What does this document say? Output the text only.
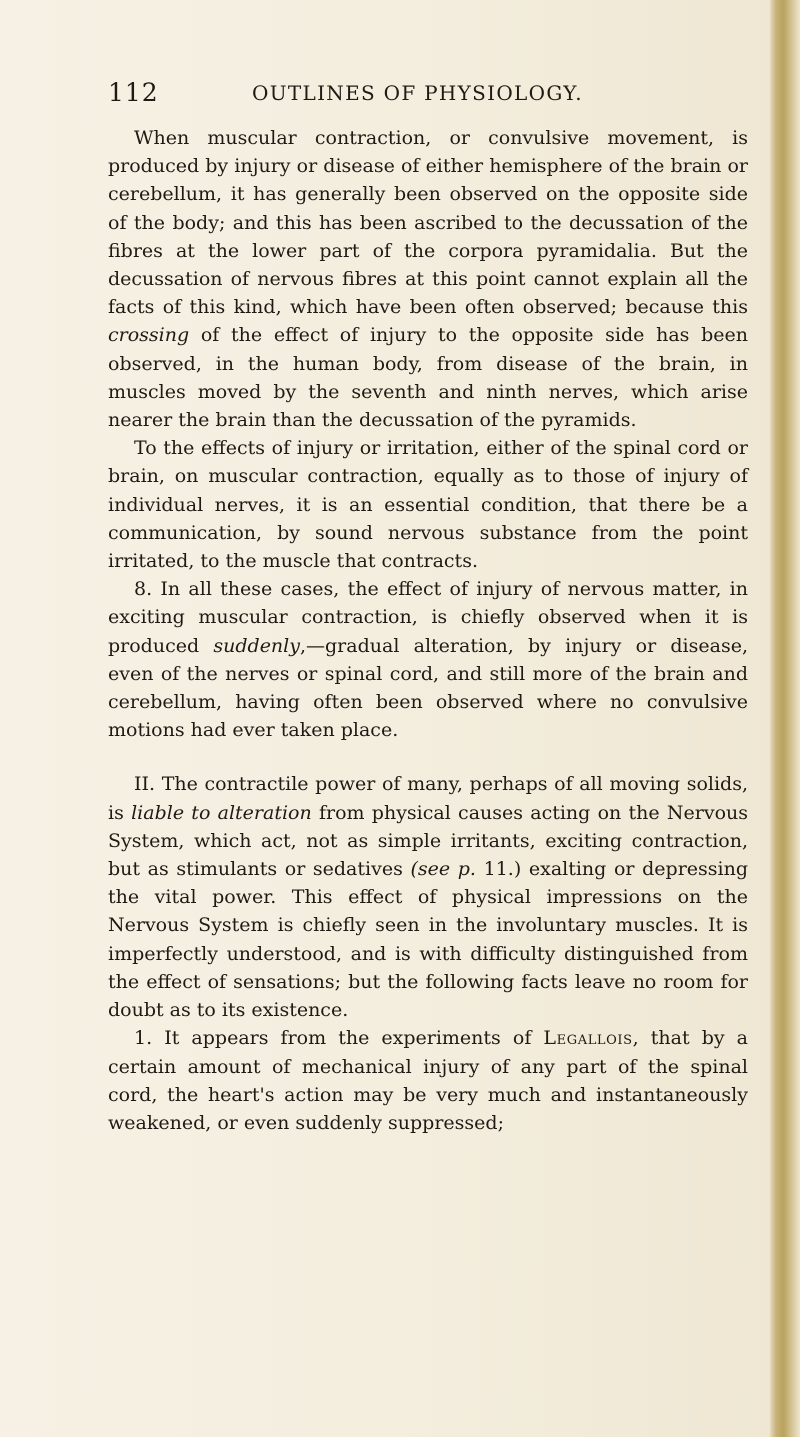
112	OUTLINES OF PHYSIOLOGY.

When muscular contraction, or convulsive movement, is produced by injury or disease of either hemisphere of the brain or cerebellum, it has generally been observed on the opposite side of the body; and this has been ascribed to the decussation of the fibres at the lower part of the corpora pyramidalia. But the decussation of nervous fibres at this point cannot explain all the facts of this kind, which have been often observed; because this crossing of the effect of injury to the opposite side has been observed, in the human body, from disease of the brain, in muscles moved by the seventh and ninth nerves, which arise nearer the brain than the decussation of the pyramids.

To the effects of injury or irritation, either of the spinal cord or brain, on muscular contraction, equally as to those of injury of individual nerves, it is an essential condition, that there be a communication, by sound nervous substance from the point irritated, to the muscle that contracts.

8. In all these cases, the effect of injury of nervous matter, in exciting muscular contraction, is chiefly observed when it is produced suddenly,—gradual alteration, by injury or disease, even of the nerves or spinal cord, and still more of the brain and cerebellum, having often been observed where no convulsive motions had ever taken place.

II. The contractile power of many, perhaps of all moving solids, is liable to alteration from physical causes acting on the Nervous System, which act, not as simple irritants, exciting contraction, but as stimulants or sedatives (see p. 11.) exalting or depressing the vital power. This effect of physical impressions on the Nervous System is chiefly seen in the involuntary muscles. It is imperfectly understood, and is with difficulty distinguished from the effect of sensations; but the following facts leave no room for doubt as to its existence.

1. It appears from the experiments of Legallois, that by a certain amount of mechanical injury of any part of the spinal cord, the heart's action may be very much and instantaneously weakened, or even suddenly suppressed;
